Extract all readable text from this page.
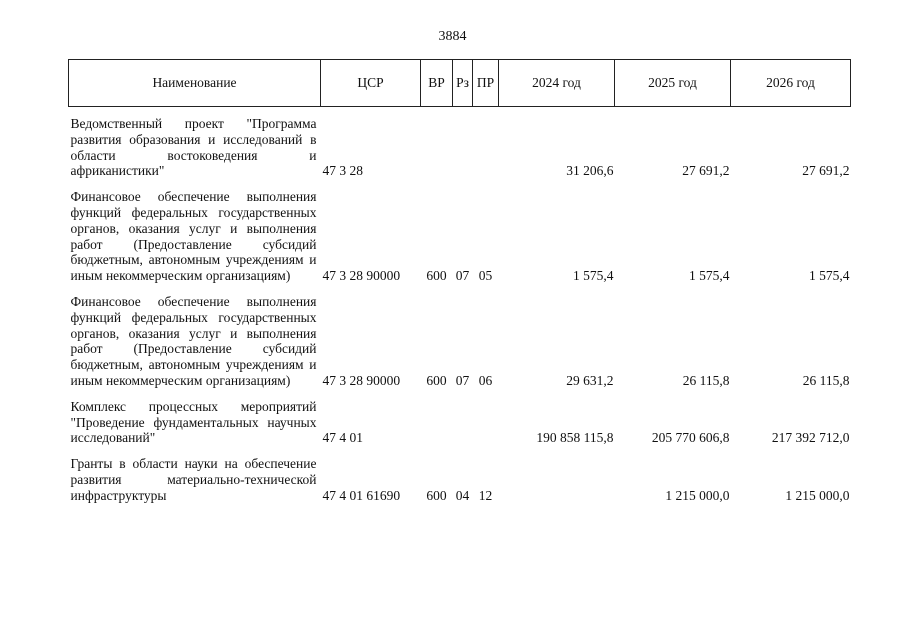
3884
Наименование	ЦСР	ВР	Рз	ПР	2024 год	2025 год	2026 год

Ведомственный проект "Программа развития образования и исследований в области востоковедения и африканистики"	47 3 28				31 206,6	27 691,2	27 691,2

Финансовое обеспечение выполнения функций федеральных государственных органов, оказания услуг и выполнения работ (Предоставление субсидий бюджетным, автономным учреждениям и иным некоммерческим организациям)	47 3 28 90000	600	07	05	1 575,4	1 575,4	1 575,4

Финансовое обеспечение выполнения функций федеральных государственных органов, оказания услуг и выполнения работ (Предоставление субсидий бюджетным, автономным учреждениям и иным некоммерческим организациям)	47 3 28 90000	600	07	06	29 631,2	26 115,8	26 115,8

Комплекс процессных мероприятий "Проведение фундаментальных научных исследований"	47 4 01				190 858 115,8	205 770 606,8	217 392 712,0

Гранты в области науки на обеспечение развития материально-технической инфраструктуры	47 4 01 61690	600	04	12		1 215 000,0	1 215 000,0
